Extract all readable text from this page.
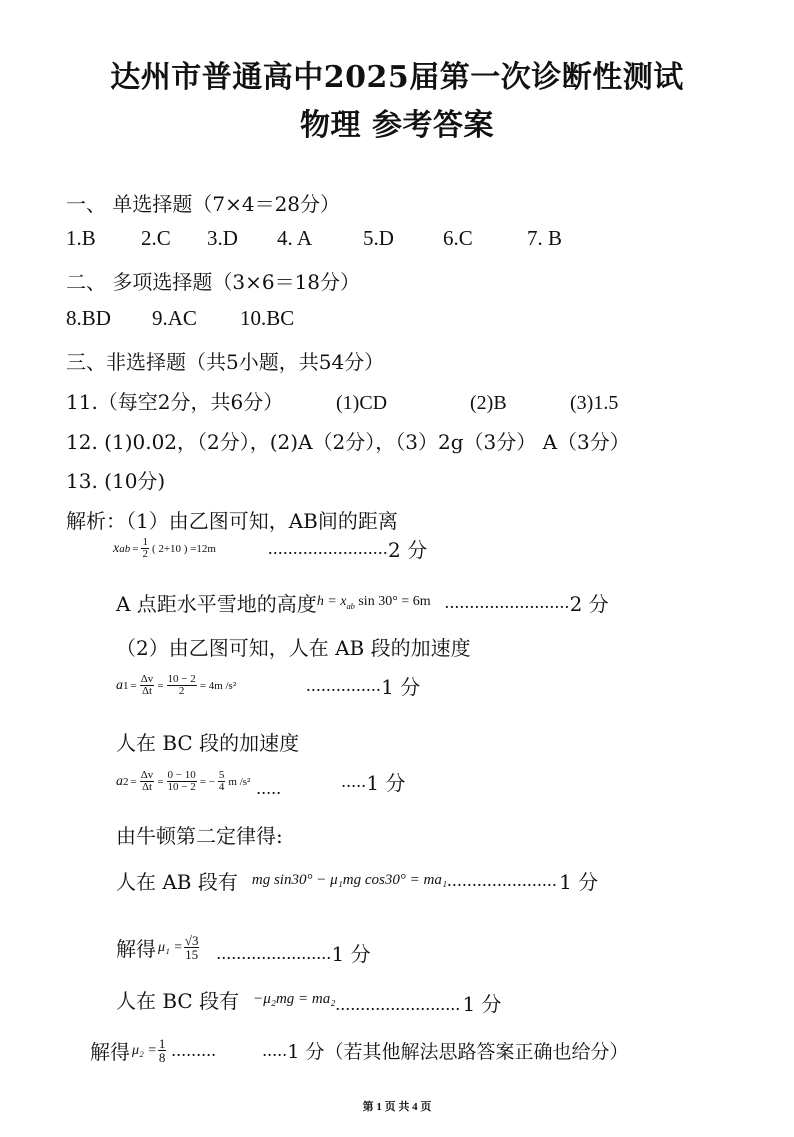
达州市普通高中2025届第一次诊断性测试
物理 参考答案
一、 单选择题（7×4＝28分）
1.B 2.C 3.D 4. A 5.D 6.C	7. B
二、 多项选择题（3×6＝18分）
8.BD 9.AC 10.BC
三、非选择题（共5小题，共54分）
11.（每空2分，共6分）	(1)CD	(2)B	(3)1.5
12. (1)0.02，（2分），(2)A（2分），（3）2g（3分） A（3分）
13. (10分)
解析：（1）由乙图可知，AB间的距离
x ab = $\frac{1}{2}$ ( 2+10 ) =12m	........................ 2 分
A 点距水平雪地的高度 $h = x_{ab}$ sin 30° = 6m ......................... 2 分
（2）由乙图可知，人在 AB 段的加速度
a $1 = \frac{\Delta v}{\Delta t} = \frac{10 - 2}{2} = 4m$ /s²	............... 1 分
人在 BC 段的加速度
a $2 = \frac{\Delta v}{\Delta t} = \frac{0 - 10}{10 - 2}$ = − $\frac{5}{4}$ m /s² .....	..... 1 分
由牛顿第二定律得:
人在 AB 段有 mg sin30° − μ₁mg cos30° = ma₁ ...................... 1 分
解得 $\mu_1 = \frac{√3}{15}$ ....................... 1 分
人在 BC 段有 −μ₂mg = ma₂ ......................... 1 分
解得 $\mu_2 = \frac{1}{8}$ .........	..... 1 分（若其他解法思路答案正确也给分）
第 1 页 共 4 页
